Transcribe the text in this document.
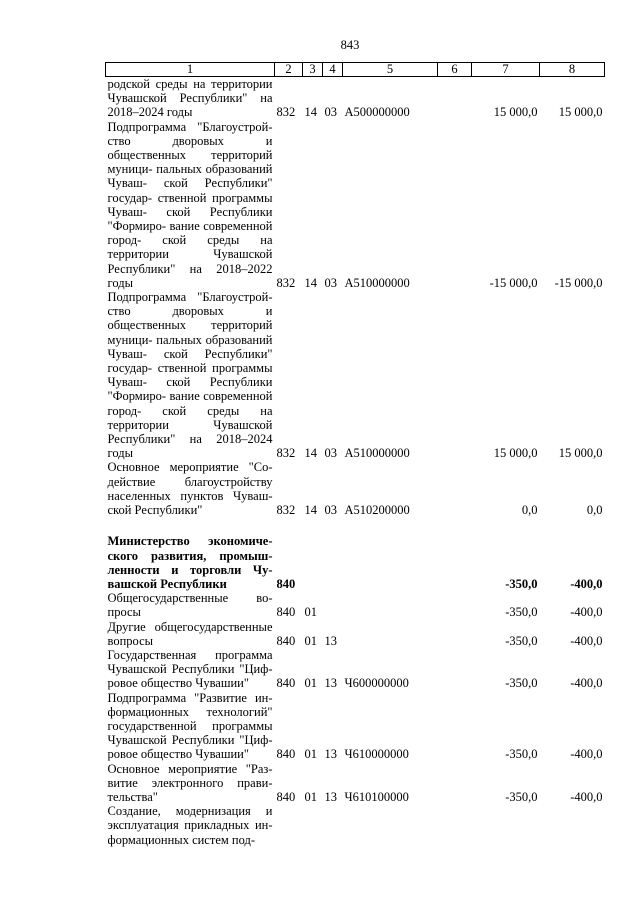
843
1	2	3	4	5	6	7	8
родской среды на территории Чувашской Республики" на 2018–2024 годы	832	14	03	А500000000		15 000,0	15 000,0
Подпрограмма "Благоустрой- ство дворовых и общественных территорий муници- пальных образований Чуваш- ской Республики" государ- ственной программы Чуваш- ской Республики "Формиро- вание современной город- ской среды на территории Чувашской Республики" на 2018–2022 годы	832	14	03	А510000000		-15 000,0	-15 000,0
Подпрограмма "Благоустрой- ство дворовых и общественных территорий муници- пальных образований Чуваш- ской Республики" государ- ственной программы Чуваш- ской Республики "Формиро- вание современной город- ской среды на территории Чувашской Республики" на 2018–2024 годы	832	14	03	А510000000		15 000,0	15 000,0
Основное мероприятие "Со- действие благоустройству населенных пунктов Чуваш- ской Республики"	832	14	03	А510200000		0,0	0,0

Министерство экономиче- ского развития, промыш- ленности и торговли Чу- вашской Республики	840					-350,0	-400,0
Общегосударственные во- просы	840	01				-350,0	-400,0
Другие общегосударственные вопросы	840	01	13			-350,0	-400,0
Государственная программа Чувашской Республики "Циф- ровое общество Чувашии"	840	01	13	Ч600000000		-350,0	-400,0
Подпрограмма "Развитие ин- формационных технологий" государственной программы Чувашской Республики "Циф- ровое общество Чувашии"	840	01	13	Ч610000000		-350,0	-400,0
Основное мероприятие "Раз- витие электронного прави- тельства"	840	01	13	Ч610100000		-350,0	-400,0
Создание, модернизация и эксплуатация прикладных ин- формационных систем под-							
